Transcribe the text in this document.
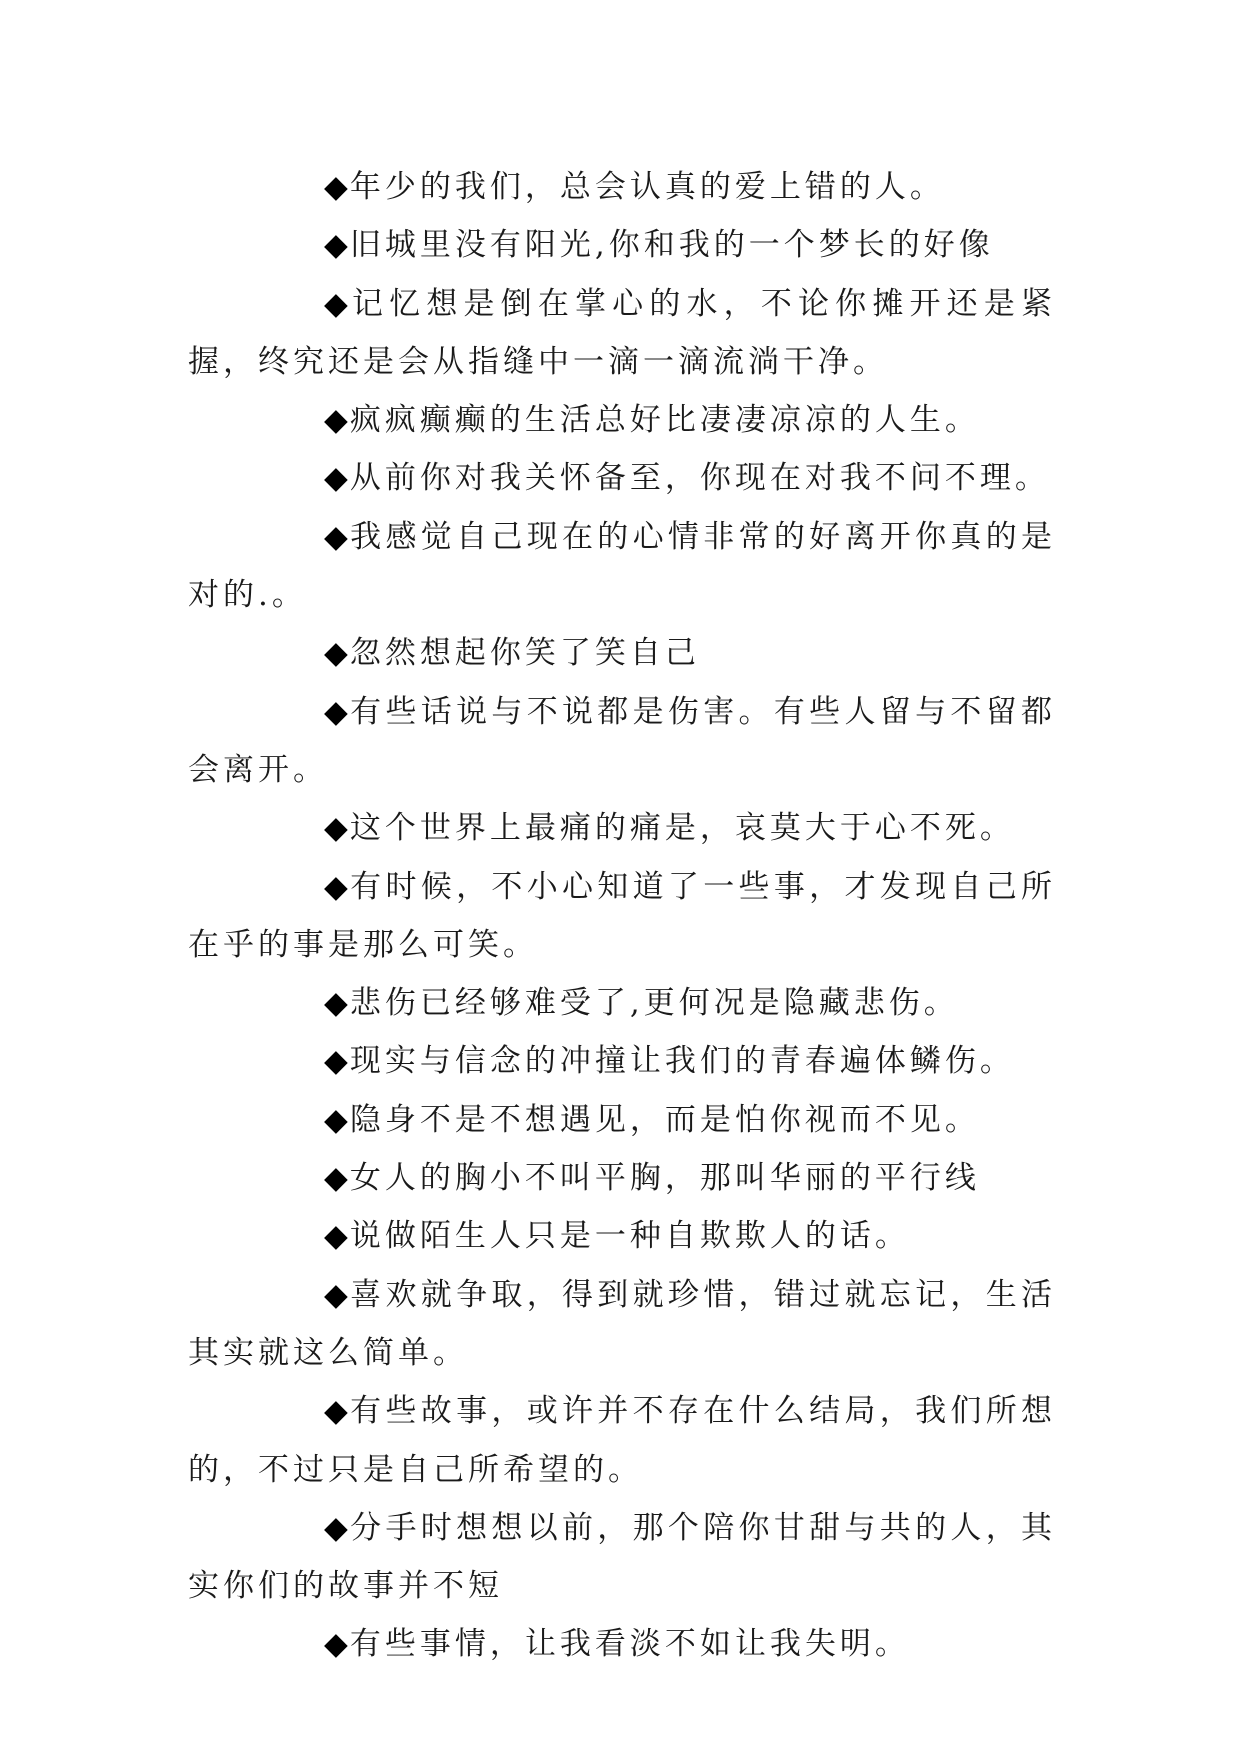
◆年少的我们，总会认真的爱上错的人。

◆旧城里没有阳光,你和我的一个梦长的好像

◆记忆想是倒在掌心的水，不论你摊开还是紧握，终究还是会从指缝中一滴一滴流淌干净。

◆疯疯癫癫的生活总好比凄凄凉凉的人生。

◆从前你对我关怀备至，你现在对我不问不理。

◆我感觉自己现在的心情非常的好离开你真的是对的.。

◆忽然想起你笑了笑自己

◆有些话说与不说都是伤害。有些人留与不留都会离开。

◆这个世界上最痛的痛是，哀莫大于心不死。

◆有时候，不小心知道了一些事，才发现自己所在乎的事是那么可笑。

◆悲伤已经够难受了,更何况是隐藏悲伤。

◆现实与信念的冲撞让我们的青春遍体鳞伤。

◆隐身不是不想遇见，而是怕你视而不见。

◆女人的胸小不叫平胸，那叫华丽的平行线

◆说做陌生人只是一种自欺欺人的话。

◆喜欢就争取，得到就珍惜，错过就忘记，生活其实就这么简单。

◆有些故事，或许并不存在什么结局，我们所想的，不过只是自己所希望的。

◆分手时想想以前，那个陪你甘甜与共的人，其实你们的故事并不短

◆有些事情，让我看淡不如让我失明。
